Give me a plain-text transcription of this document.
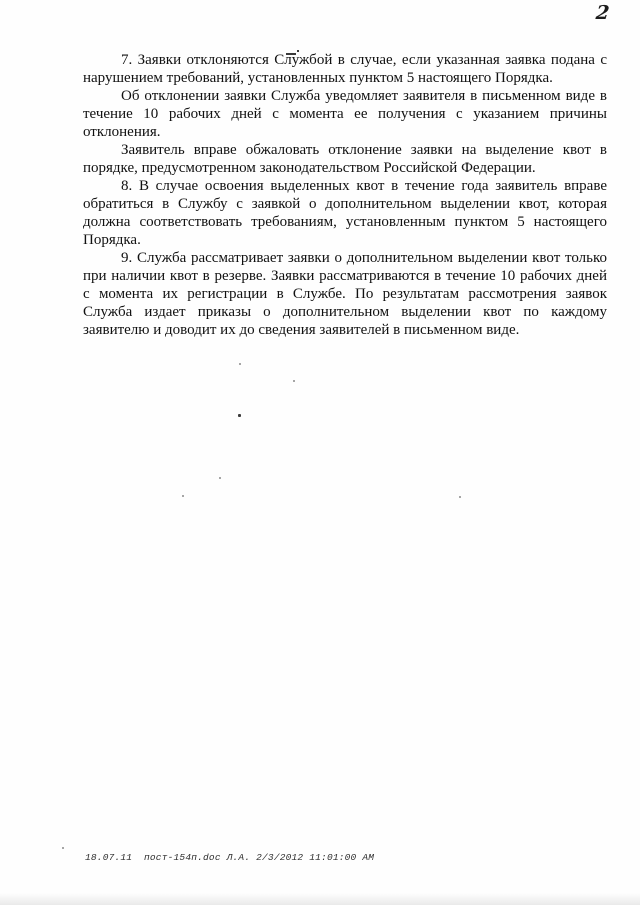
2

7. Заявки отклоняются Службой в случае, если указанная заявка подана с нарушением требований, установленных пунктом 5 настоящего Порядка.

Об отклонении заявки Служба уведомляет заявителя в письменном виде в течение 10 рабочих дней с момента ее получения с указанием причины отклонения.

Заявитель вправе обжаловать отклонение заявки на выделение квот в порядке, предусмотренном законодательством Российской Федерации.

8. В случае освоения выделенных квот в течение года заявитель вправе обратиться в Службу с заявкой о дополнительном выделении квот, которая должна соответствовать требованиям, установленным пунктом 5 настоящего Порядка.

9. Служба рассматривает заявки о дополнительном выделении квот только при наличии квот в резерве. Заявки рассматриваются в течение 10 рабочих дней с момента их регистрации в Службе. По результатам рассмотрения заявок Служба издает приказы о дополнительном выделении квот по каждому заявителю и доводит их до сведения заявителей в письменном виде.

18.07.11  пост-154п.doc Л.А. 2/3/2012 11:01:00 AM
